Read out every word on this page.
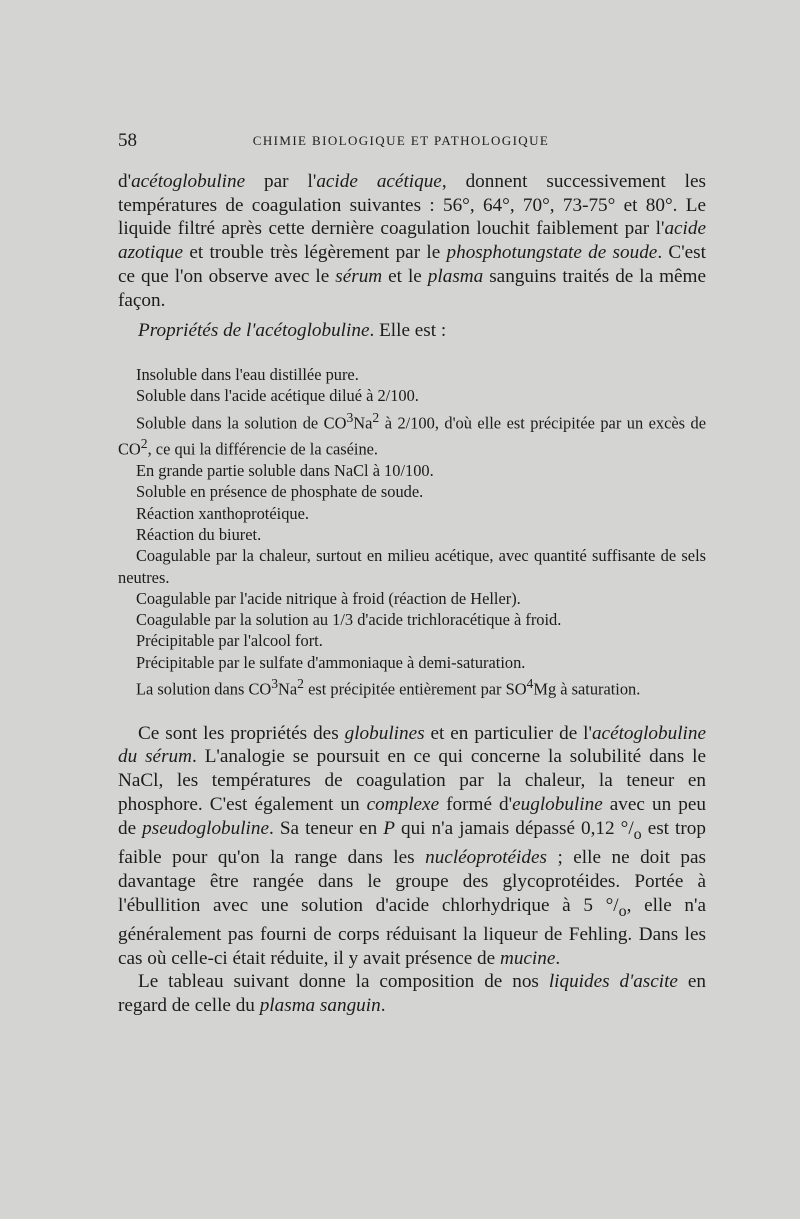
58	CHIMIE BIOLOGIQUE ET PATHOLOGIQUE

d'acétoglobuline par l'acide acétique, donnent successivement les températures de coagulation suivantes : 56°, 64°, 70°, 73-75° et 80°. Le liquide filtré après cette dernière coagulation louchit faiblement par l'acide azotique et trouble très légèrement par le phosphotungstate de soude. C'est ce que l'on observe avec le sérum et le plasma sanguins traités de la même façon.

Propriétés de l'acétoglobuline. Elle est :

Insoluble dans l'eau distillée pure.

Soluble dans l'acide acétique dilué à 2/100.

Soluble dans la solution de $CO^3Na^2$ à 2/100, d'où elle est précipitée par un excès de $CO^2$, ce qui la différencie de la caséine.

En grande partie soluble dans NaCl à 10/100.

Soluble en présence de phosphate de soude.

Réaction xanthoprotéique.

Réaction du biuret.

Coagulable par la chaleur, surtout en milieu acétique, avec quantité suffisante de sels neutres.

Coagulable par l'acide nitrique à froid (réaction de Heller).

Coagulable par la solution au 1/3 d'acide trichloracétique à froid.

Précipitable par l'alcool fort.

Précipitable par le sulfate d'ammoniaque à demi-saturation.

La solution dans $CO^3Na^2$ est précipitée entièrement par $SO^4Mg$ à saturation.

Ce sont les propriétés des globulines et en particulier de l'acétoglobuline du sérum. L'analogie se poursuit en ce qui concerne la solubilité dans le NaCl, les températures de coagulation par la chaleur, la teneur en phosphore. C'est également un complexe formé d'euglobuline avec un peu de pseudoglobuline. Sa teneur en P qui n'a jamais dépassé 0,12 $^\circ/_o$ est trop faible pour qu'on la range dans les nucléoprotéides ; elle ne doit pas davantage être rangée dans le groupe des glycoprotéides. Portée à l'ébullition avec une solution d'acide chlorhydrique à 5 $^\circ/_o$, elle n'a généralement pas fourni de corps réduisant la liqueur de Fehling. Dans les cas où celle-ci était réduite, il y avait présence de mucine.

Le tableau suivant donne la composition de nos liquides d'ascite en regard de celle du plasma sanguin.
